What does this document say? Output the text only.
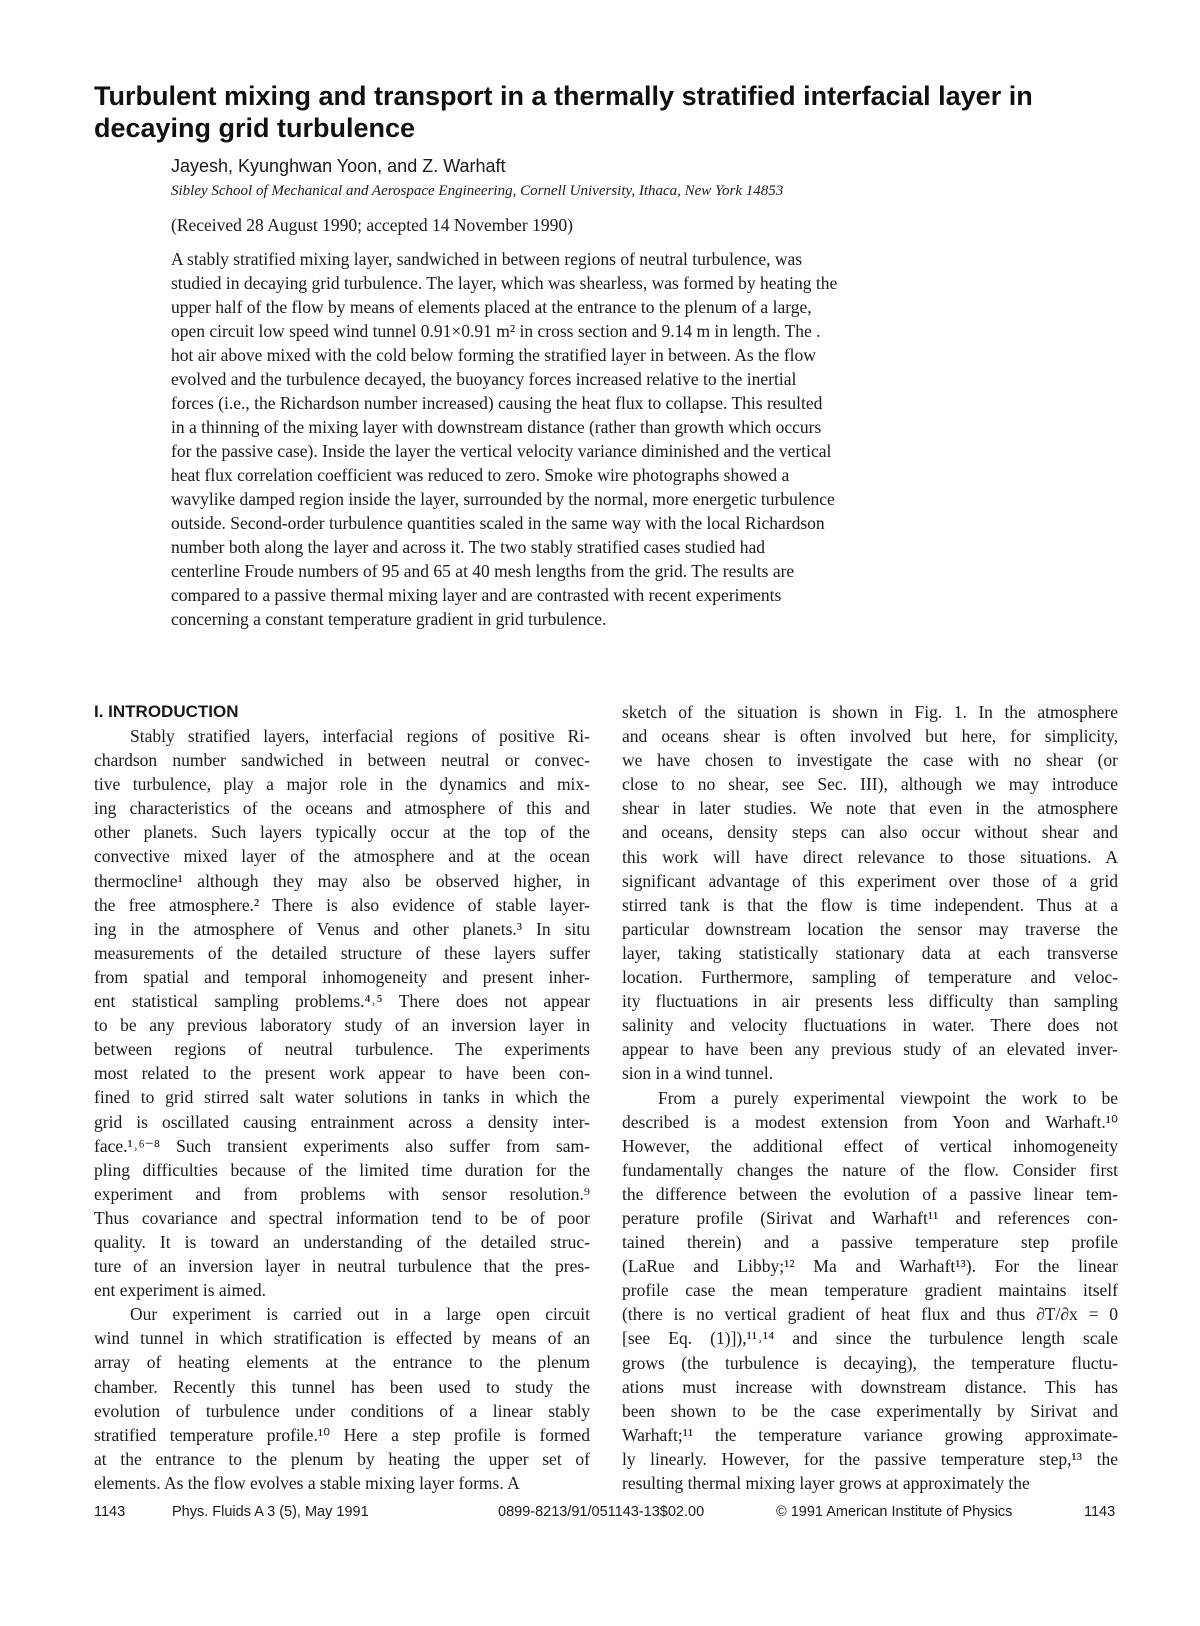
Turbulent mixing and transport in a thermally stratified interfacial layer in decaying grid turbulence

Jayesh, Kyunghwan Yoon, and Z. Warhaft

Sibley School of Mechanical and Aerospace Engineering, Cornell University, Ithaca, New York 14853

(Received 28 August 1990; accepted 14 November 1990)

A stably stratified mixing layer, sandwiched in between regions of neutral turbulence, was
studied in decaying grid turbulence. The layer, which was shearless, was formed by heating the
upper half of the flow by means of elements placed at the entrance to the plenum of a large,
open circuit low speed wind tunnel 0.91×0.91 m² in cross section and 9.14 m in length. The .
hot air above mixed with the cold below forming the stratified layer in between. As the flow
evolved and the turbulence decayed, the buoyancy forces increased relative to the inertial
forces (i.e., the Richardson number increased) causing the heat flux to collapse. This resulted
in a thinning of the mixing layer with downstream distance (rather than growth which occurs
for the passive case). Inside the layer the vertical velocity variance diminished and the vertical
heat flux correlation coefficient was reduced to zero. Smoke wire photographs showed a
wavylike damped region inside the layer, surrounded by the normal, more energetic turbulence
outside. Second-order turbulence quantities scaled in the same way with the local Richardson
number both along the layer and across it. The two stably stratified cases studied had
centerline Froude numbers of 95 and 65 at 40 mesh lengths from the grid. The results are
compared to a passive thermal mixing layer and are contrasted with recent experiments
concerning a constant temperature gradient in grid turbulence.
I. INTRODUCTION
Stably stratified layers, interfacial regions of positive Ri-
chardson number sandwiched in between neutral or convec-
tive turbulence, play a major role in the dynamics and mix-
ing characteristics of the oceans and atmosphere of this and
other planets. Such layers typically occur at the top of the
convective mixed layer of the atmosphere and at the ocean
thermocline¹ although they may also be observed higher, in
the free atmosphere.² There is also evidence of stable layer-
ing in the atmosphere of Venus and other planets.³ In situ
measurements of the detailed structure of these layers suffer
from spatial and temporal inhomogeneity and present inher-
ent statistical sampling problems.⁴˒⁵ There does not appear
to be any previous laboratory study of an inversion layer in
between regions of neutral turbulence. The experiments
most related to the present work appear to have been con-
fined to grid stirred salt water solutions in tanks in which the
grid is oscillated causing entrainment across a density inter-
face.¹˒⁶⁻⁸ Such transient experiments also suffer from sam-
pling difficulties because of the limited time duration for the
experiment and from problems with sensor resolution.⁹
Thus covariance and spectral information tend to be of poor
quality. It is toward an understanding of the detailed struc-
ture of an inversion layer in neutral turbulence that the pres-
ent experiment is aimed.
Our experiment is carried out in a large open circuit
wind tunnel in which stratification is effected by means of an
array of heating elements at the entrance to the plenum
chamber. Recently this tunnel has been used to study the
evolution of turbulence under conditions of a linear stably
stratified temperature profile.¹⁰ Here a step profile is formed
at the entrance to the plenum by heating the upper set of
elements. As the flow evolves a stable mixing layer forms. A
sketch of the situation is shown in Fig. 1. In the atmosphere
and oceans shear is often involved but here, for simplicity,
we have chosen to investigate the case with no shear (or
close to no shear, see Sec. III), although we may introduce
shear in later studies. We note that even in the atmosphere
and oceans, density steps can also occur without shear and
this work will have direct relevance to those situations. A
significant advantage of this experiment over those of a grid
stirred tank is that the flow is time independent. Thus at a
particular downstream location the sensor may traverse the
layer, taking statistically stationary data at each transverse
location. Furthermore, sampling of temperature and veloc-
ity fluctuations in air presents less difficulty than sampling
salinity and velocity fluctuations in water. There does not
appear to have been any previous study of an elevated inver-
sion in a wind tunnel.
From a purely experimental viewpoint the work to be
described is a modest extension from Yoon and Warhaft.¹⁰
However, the additional effect of vertical inhomogeneity
fundamentally changes the nature of the flow. Consider first
the difference between the evolution of a passive linear tem-
perature profile (Sirivat and Warhaft¹¹ and references con-
tained therein) and a passive temperature step profile
(LaRue and Libby;¹² Ma and Warhaft¹³). For the linear
profile case the mean temperature gradient maintains itself
(there is no vertical gradient of heat flux and thus ∂T/∂x = 0
[see Eq. (1)]),¹¹˒¹⁴ and since the turbulence length scale
grows (the turbulence is decaying), the temperature fluctu-
ations must increase with downstream distance. This has
been shown to be the case experimentally by Sirivat and
Warhaft;¹¹ the temperature variance growing approximate-
ly linearly. However, for the passive temperature step,¹³ the
resulting thermal mixing layer grows at approximately the
1143	Phys. Fluids A 3 (5), May 1991	0899-8213/91/051143-13$02.00	© 1991 American Institute of Physics	1143
